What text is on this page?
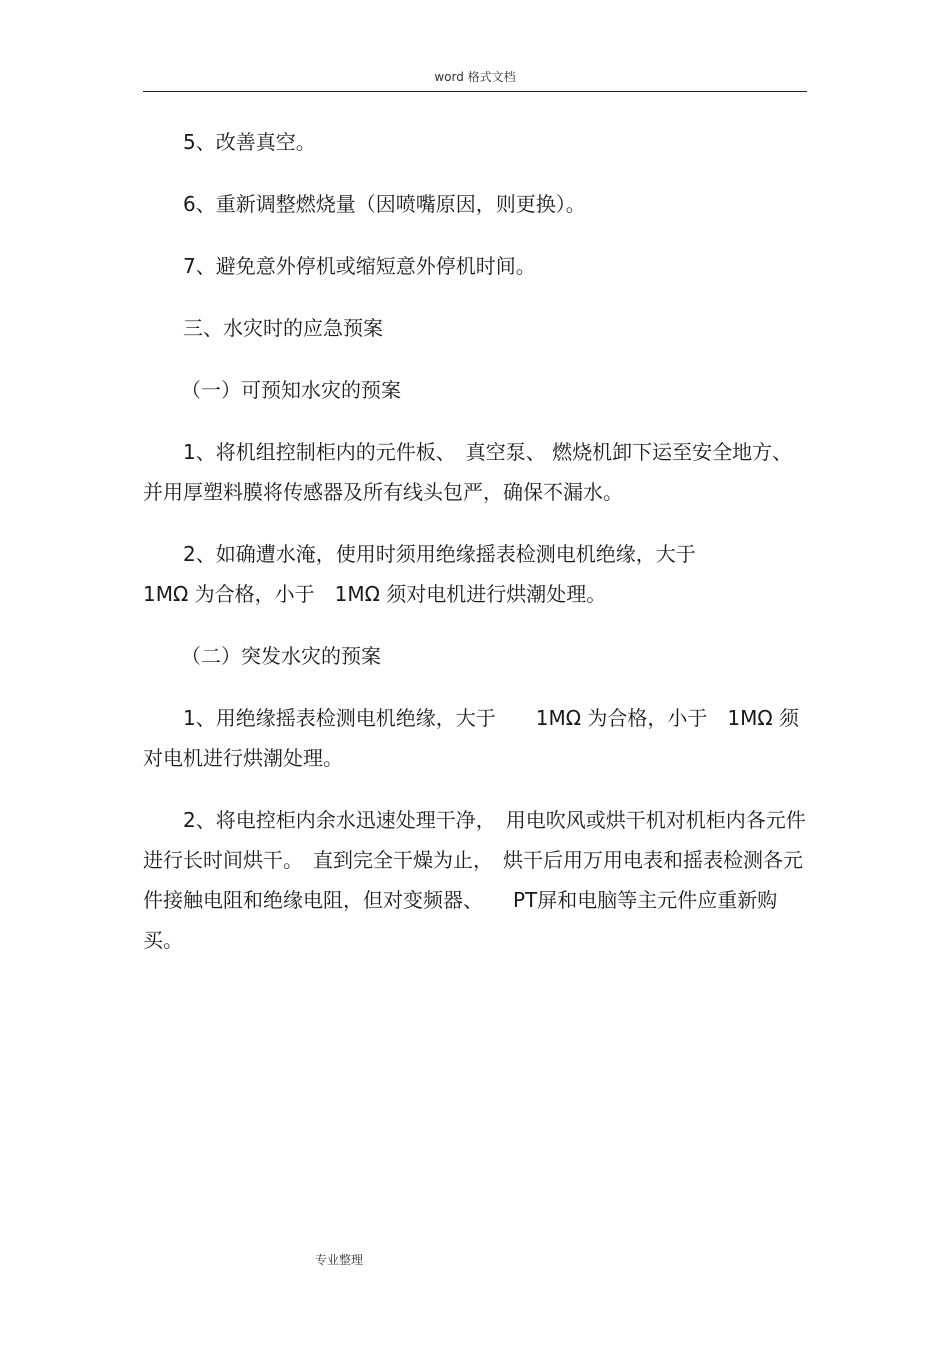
word 格式文档

5、改善真空。

6、重新调整燃烧量（因喷嘴原因，则更换）。

7、避免意外停机或缩短意外停机时间。

三、水灾时的应急预案

（一）可预知水灾的预案

1、将机组控制柜内的元件板、　真空泵、 燃烧机卸下运至安全地方、并用厚塑料膜将传感器及所有线头包严，确保不漏水。

2、如确遭水淹，使用时须用绝缘摇表检测电机绝缘，大于
1MΩ 为合格，小于　1MΩ 须对电机进行烘潮处理。

（二）突发水灾的预案

1、用绝缘摇表检测电机绝缘，大于　　1MΩ 为合格，小于　1MΩ 须对电机进行烘潮处理。

2、将电控柜内余水迅速处理干净，　用电吹风或烘干机对机柜内各元件进行长时间烘干。　直到完全干燥为止，　烘干后用万用电表和摇表检测各元件接触电阻和绝缘电阻，但对变频器、　　PT屏和电脑等主元件应重新购买。

专业整理
